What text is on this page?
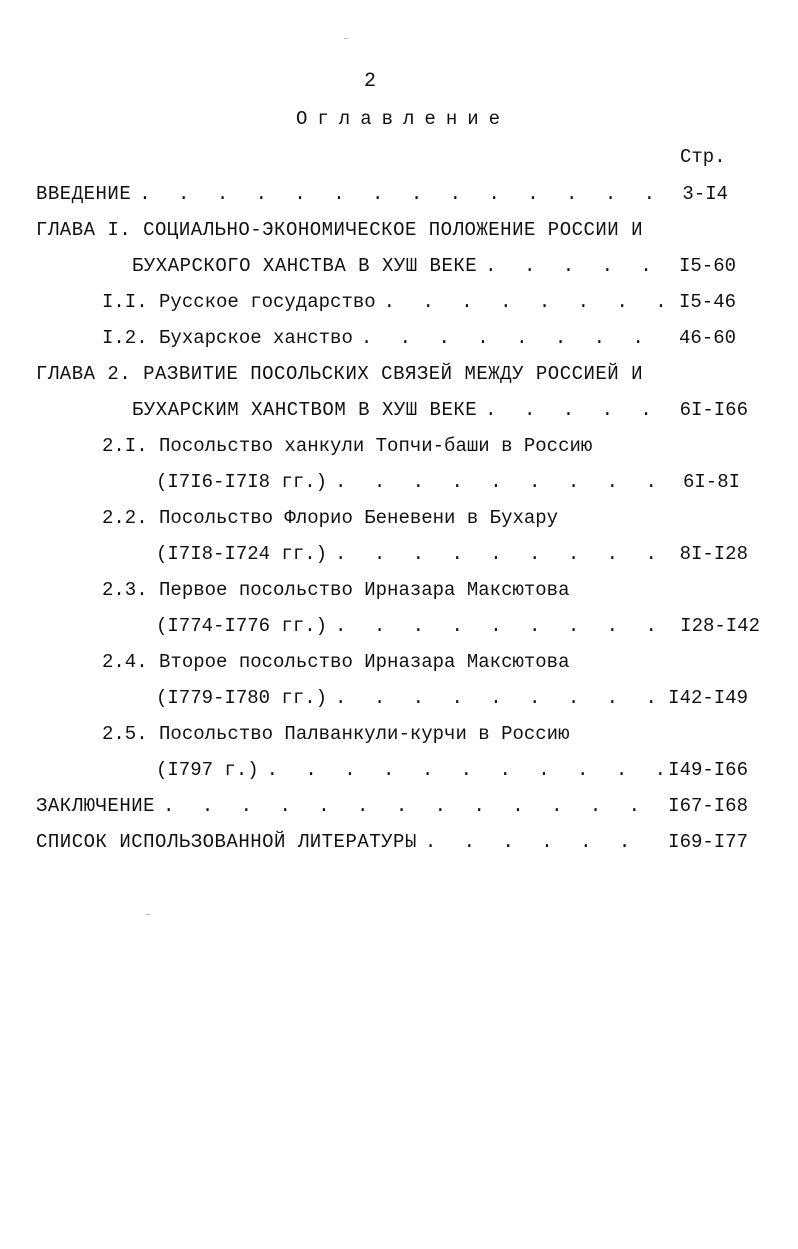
2
Оглавление
Стр.
ВВЕДЕНИЕ . . .	3-I4
ГЛАВА I. СОЦИАЛЬНО-ЭКОНОМИЧЕСКОЕ ПОЛОЖЕНИЕ РОССИИ И
БУХАРСКОГО ХАНСТВА В ХУШ ВЕКЕ . . .	I5-60
I.I. Русское государство . . .	I5-46
I.2. Бухарское ханство . . .	46-60
ГЛАВА 2. РАЗВИТИЕ ПОСОЛЬСКИХ СВЯЗЕЙ МЕЖДУ РОССИЕЙ И
БУХАРСКИМ ХАНСТВОМ В ХУШ ВЕКЕ . . .	6I-I66
2.I. Посольство ханкули Топчи-баши в Россию
(I7I6-I7I8 гг.) . . .	6I-8I
2.2. Посольство Флорио Беневени в Бухару
(I7I8-I724 гг.) . . .	8I-I28
2.3. Первое посольство Ирназара Максютова
(I774-I776 гг.) . . .	I28-I42
2.4. Второе посольство Ирназара Максютова
(I779-I780 гг.) . . .	I42-I49
2.5. Посольство Палванкули-курчи в Россию
(I797 г.) . . .	I49-I66
ЗАКЛЮЧЕНИЕ . . .	I67-I68
СПИСОК ИСПОЛЬЗОВАННОЙ ЛИТЕРАТУРЫ . . .	I69-I77
